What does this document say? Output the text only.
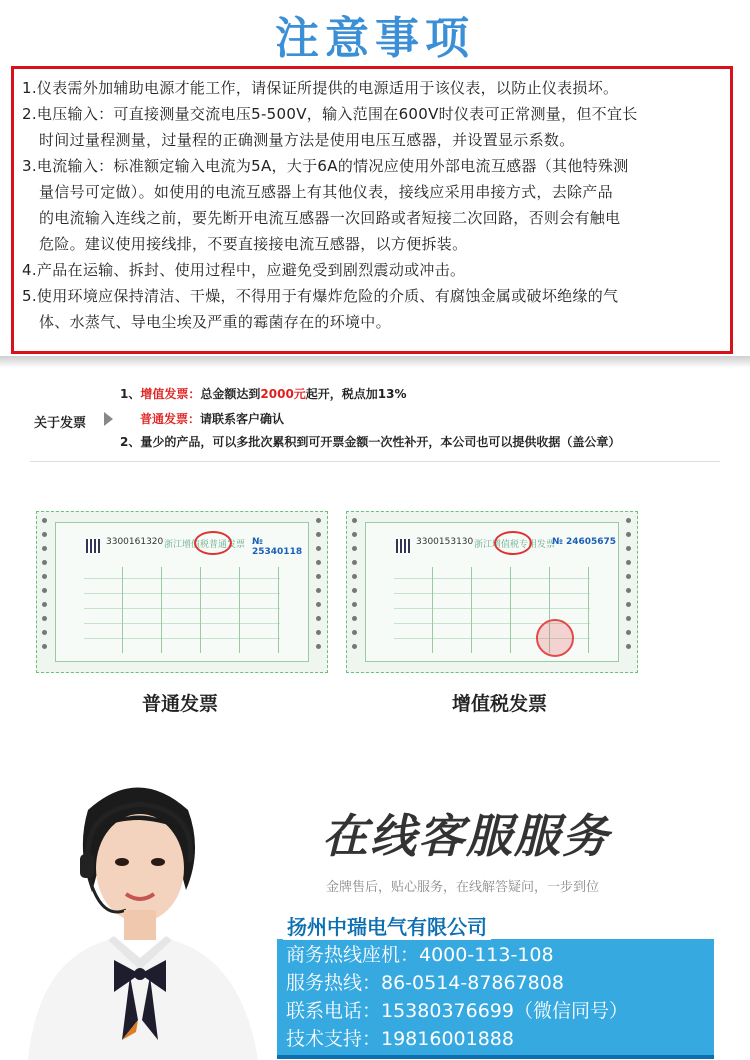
注意事项
1.仪表需外加辅助电源才能工作，请保证所提供的电源适用于该仪表，以防止仪表损坏。
2.电压输入：可直接测量交流电压5-500V，输入范围在600V时仪表可正常测量，但不宜长
时间过量程测量，过量程的正确测量方法是使用电压互感器，并设置显示系数。
3.电流输入：标准额定输入电流为5A，大于6A的情况应使用外部电流互感器（其他特殊测
量信号可定做）。如使用的电流互感器上有其他仪表，接线应采用串接方式，去除产品
的电流输入连线之前，要先断开电流互感器一次回路或者短接二次回路，否则会有触电
危险。建议使用接线排，不要直接接电流互感器，以方便拆装。
4.产品在运输、拆封、使用过程中，应避免受到剧烈震动或冲击。
5.使用环境应保持清洁、干燥，不得用于有爆炸危险的介质、有腐蚀金属或破坏绝缘的气
体、水蒸气、导电尘埃及严重的霉菌存在的环境中。
关于发票
1、增值发票：总金额达到2000元起开，税点加13%
普通发票：请联系客户确认
2、量少的产品，可以多批次累积到可开票金额一次性补开，本公司也可以提供收据（盖公章）
3300161320 浙江增值税普通发票 № 25340118
3300153130 浙江增值税专用发票
№ 24605675
普通发票	增值税发票
在线客服服务
金牌售后，贴心服务，在线解答疑问，一步到位
扬州中瑞电气有限公司
商务热线座机：4000-113-108
服务热线：86-0514-87867808
联系电话：15380376699（微信同号）
技术支持：19816001888
